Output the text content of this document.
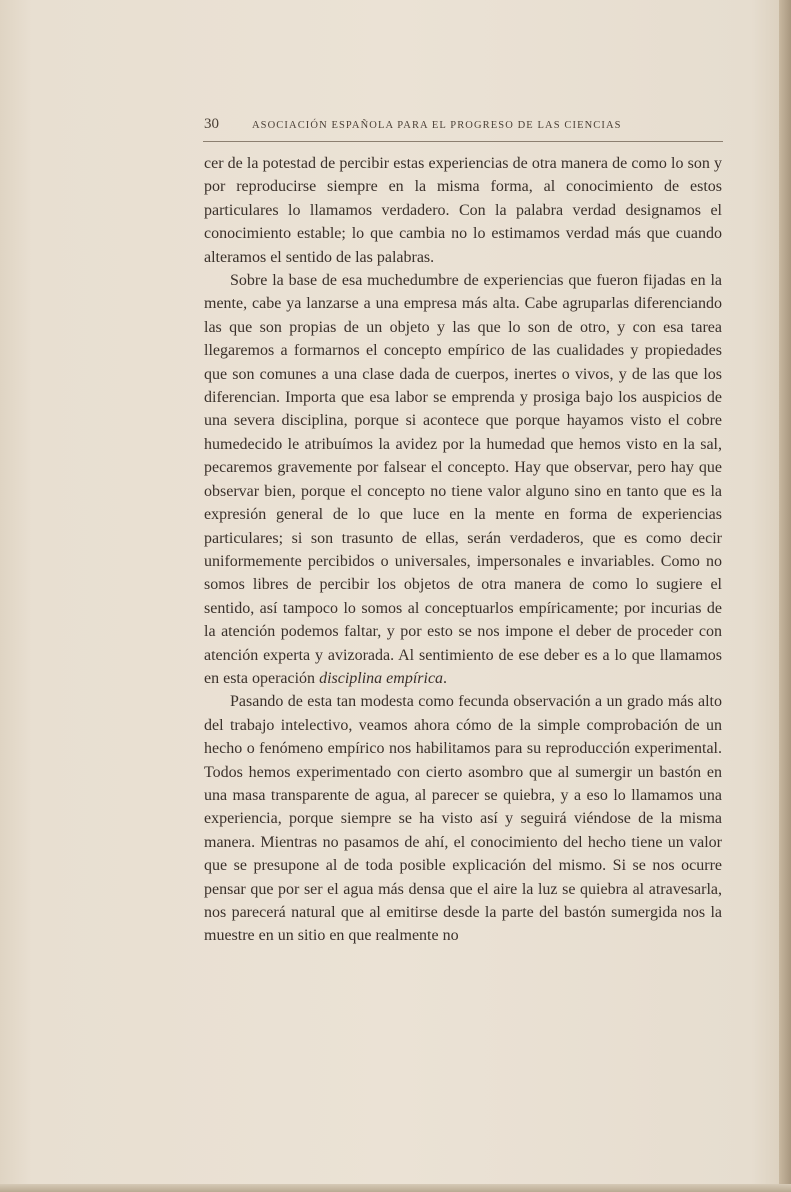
30	ASOCIACIÓN ESPAÑOLA PARA EL PROGRESO DE LAS CIENCIAS

cer de la potestad de percibir estas experiencias de otra manera de como lo son y por reproducirse siempre en la misma forma, al conocimiento de estos particulares lo llamamos verdadero. Con la palabra verdad designamos el conocimiento estable; lo que cambia no lo estimamos verdad más que cuando alteramos el sentido de las palabras.

Sobre la base de esa muchedumbre de experiencias que fueron fijadas en la mente, cabe ya lanzarse a una empresa más alta. Cabe agruparlas diferenciando las que son propias de un objeto y las que lo son de otro, y con esa tarea llegaremos a formarnos el concepto empírico de las cualidades y propiedades que son comunes a una clase dada de cuerpos, inertes o vivos, y de las que los diferencian. Importa que esa labor se emprenda y prosiga bajo los auspicios de una severa disciplina, porque si acontece que porque hayamos visto el cobre humedecido le atribuímos la avidez por la humedad que hemos visto en la sal, pecaremos gravemente por falsear el concepto. Hay que observar, pero hay que observar bien, porque el concepto no tiene valor alguno sino en tanto que es la expresión general de lo que luce en la mente en forma de experiencias particulares; si son trasunto de ellas, serán verdaderos, que es como decir uniformemente percibidos o universales, impersonales e invariables. Como no somos libres de percibir los objetos de otra manera de como lo sugiere el sentido, así tampoco lo somos al conceptuarlos empíricamente; por incurias de la atención podemos faltar, y por esto se nos impone el deber de proceder con atención experta y avizorada. Al sentimiento de ese deber es a lo que llamamos en esta operación disciplina empírica.

Pasando de esta tan modesta como fecunda observación a un grado más alto del trabajo intelectivo, veamos ahora cómo de la simple comprobación de un hecho o fenómeno empírico nos habilitamos para su reproducción experimental. Todos hemos experimentado con cierto asombro que al sumergir un bastón en una masa transparente de agua, al parecer se quiebra, y a eso lo llamamos una experiencia, porque siempre se ha visto así y seguirá viéndose de la misma manera. Mientras no pasamos de ahí, el conocimiento del hecho tiene un valor que se presupone al de toda posible explicación del mismo. Si se nos ocurre pensar que por ser el agua más densa que el aire la luz se quiebra al atravesarla, nos parecerá natural que al emitirse desde la parte del bastón sumergida nos la muestre en un sitio en que realmente no
